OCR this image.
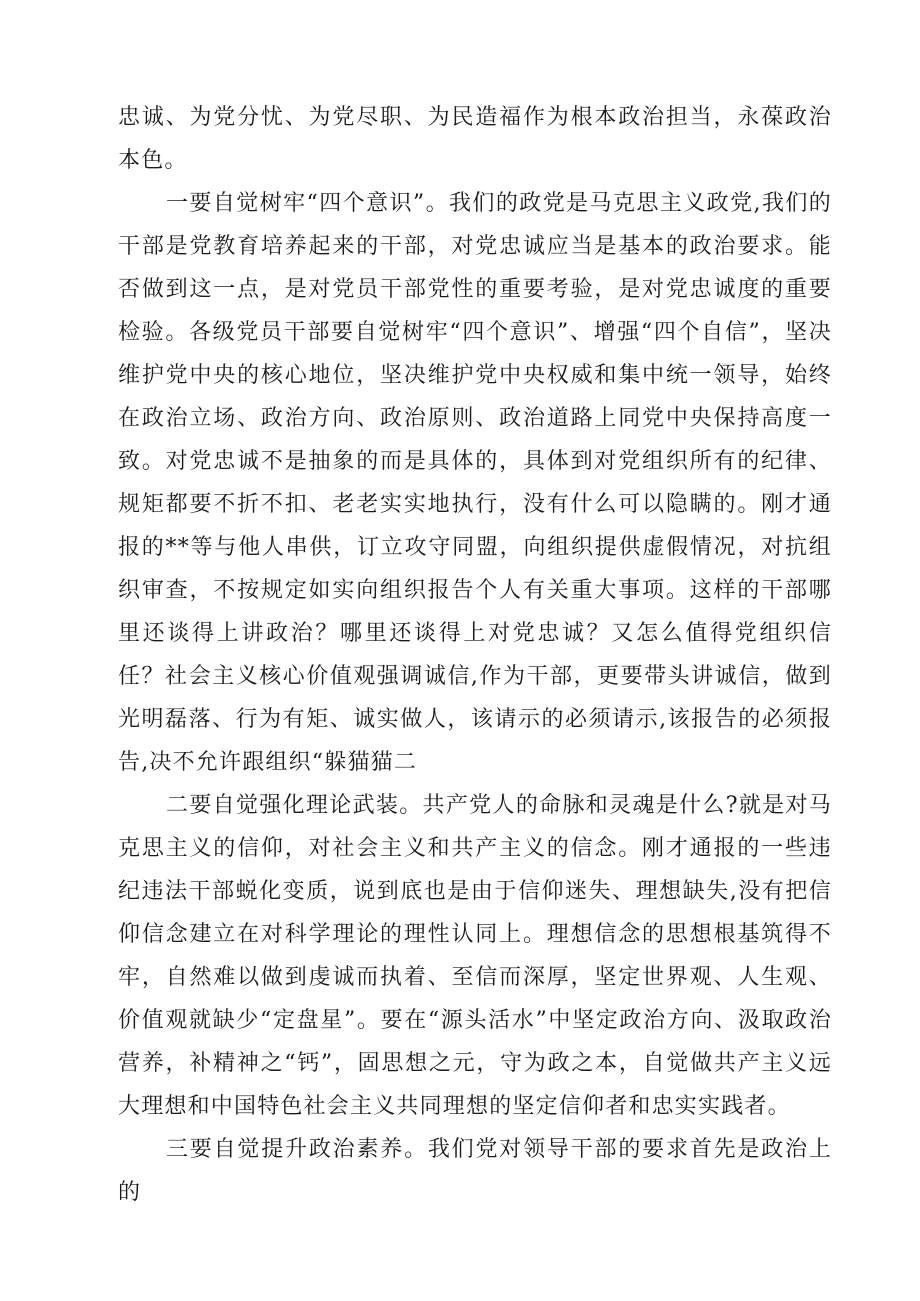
忠诚、为党分忧、为党尽职、为民造福作为根本政治担当，永葆政治本色。

一要自觉树牢“四个意识”。我们的政党是马克思主义政党,我们的干部是党教育培养起来的干部，对党忠诚应当是基本的政治要求。能否做到这一点，是对党员干部党性的重要考验，是对党忠诚度的重要检验。各级党员干部要自觉树牢“四个意识”、增强“四个自信”，坚决维护党中央的核心地位，坚决维护党中央权威和集中统一领导，始终在政治立场、政治方向、政治原则、政治道路上同党中央保持高度一致。对党忠诚不是抽象的而是具体的，具体到对党组织所有的纪律、规矩都要不折不扣、老老实实地执行，没有什么可以隐瞒的。刚才通报的**等与他人串供，订立攻守同盟，向组织提供虚假情况，对抗组织审查，不按规定如实向组织报告个人有关重大事项。这样的干部哪里还谈得上讲政治？哪里还谈得上对党忠诚？又怎么值得党组织信任？社会主义核心价值观强调诚信,作为干部，更要带头讲诚信，做到光明磊落、行为有矩、诚实做人，该请示的必须请示,该报告的必须报告,决不允许跟组织“躲猫猫二

二要自觉强化理论武装。共产党人的命脉和灵魂是什么?就是对马克思主义的信仰，对社会主义和共产主义的信念。刚才通报的一些违纪违法干部蜕化变质，说到底也是由于信仰迷失、理想缺失,没有把信仰信念建立在对科学理论的理性认同上。理想信念的思想根基筑得不牢，自然难以做到虔诚而执着、至信而深厚，坚定世界观、人生观、价值观就缺少“定盘星”。要在“源头活水”中坚定政治方向、汲取政治营养，补精神之“钙”，固思想之元，守为政之本，自觉做共产主义远大理想和中国特色社会主义共同理想的坚定信仰者和忠实实践者。

三要自觉提升政治素养。我们党对领导干部的要求首先是政治上的
